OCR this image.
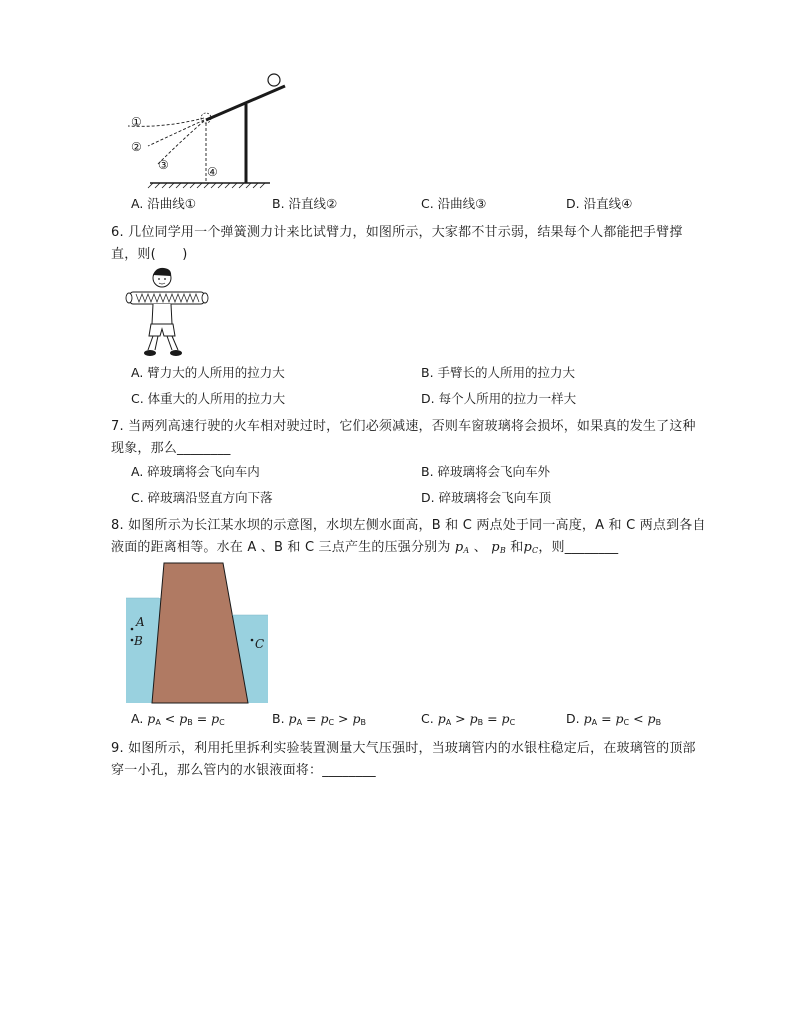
①
②
③	④
A. 沿曲线①	B. 沿直线②	C. 沿曲线③	D. 沿直线④
6. 几位同学用一个弹簧测力计来比试臂力，如图所示，大家都不甘示弱，结果每个人都能把手臂撑直，则(　　)
A. 臂力大的人所用的拉力大	B. 手臂长的人所用的拉力大
C. 体重大的人所用的拉力大	D. 每个人所用的拉力一样大
7. 当两列高速行驶的火车相对驶过时，它们必须减速，否则车窗玻璃将会损坏，如果真的发生了这种现象，那么________
A. 碎玻璃将会飞向车内	B. 碎玻璃将会飞向车外
C. 碎玻璃沿竖直方向下落	D. 碎玻璃将会飞向车顶
8. 如图所示为长江某水坝的示意图，水坝左侧水面高，B 和 C 两点处于同一高度，A 和 C 两点到各自液面的距离相等。水在 A 、B 和 C 三点产生的压强分别为 $p_A$ 、 $p_B$ 和$p_C$，则________
A
B	C
A. $p_A < p_B = p_C$	B. $p_A = p_C > p_B$	C. $p_A > p_B = p_C$	D. $p_A = p_C < p_B$
9. 如图所示，利用托里拆利实验装置测量大气压强时，当玻璃管内的水银柱稳定后，在玻璃管的顶部穿一小孔，那么管内的水银液面将：________
